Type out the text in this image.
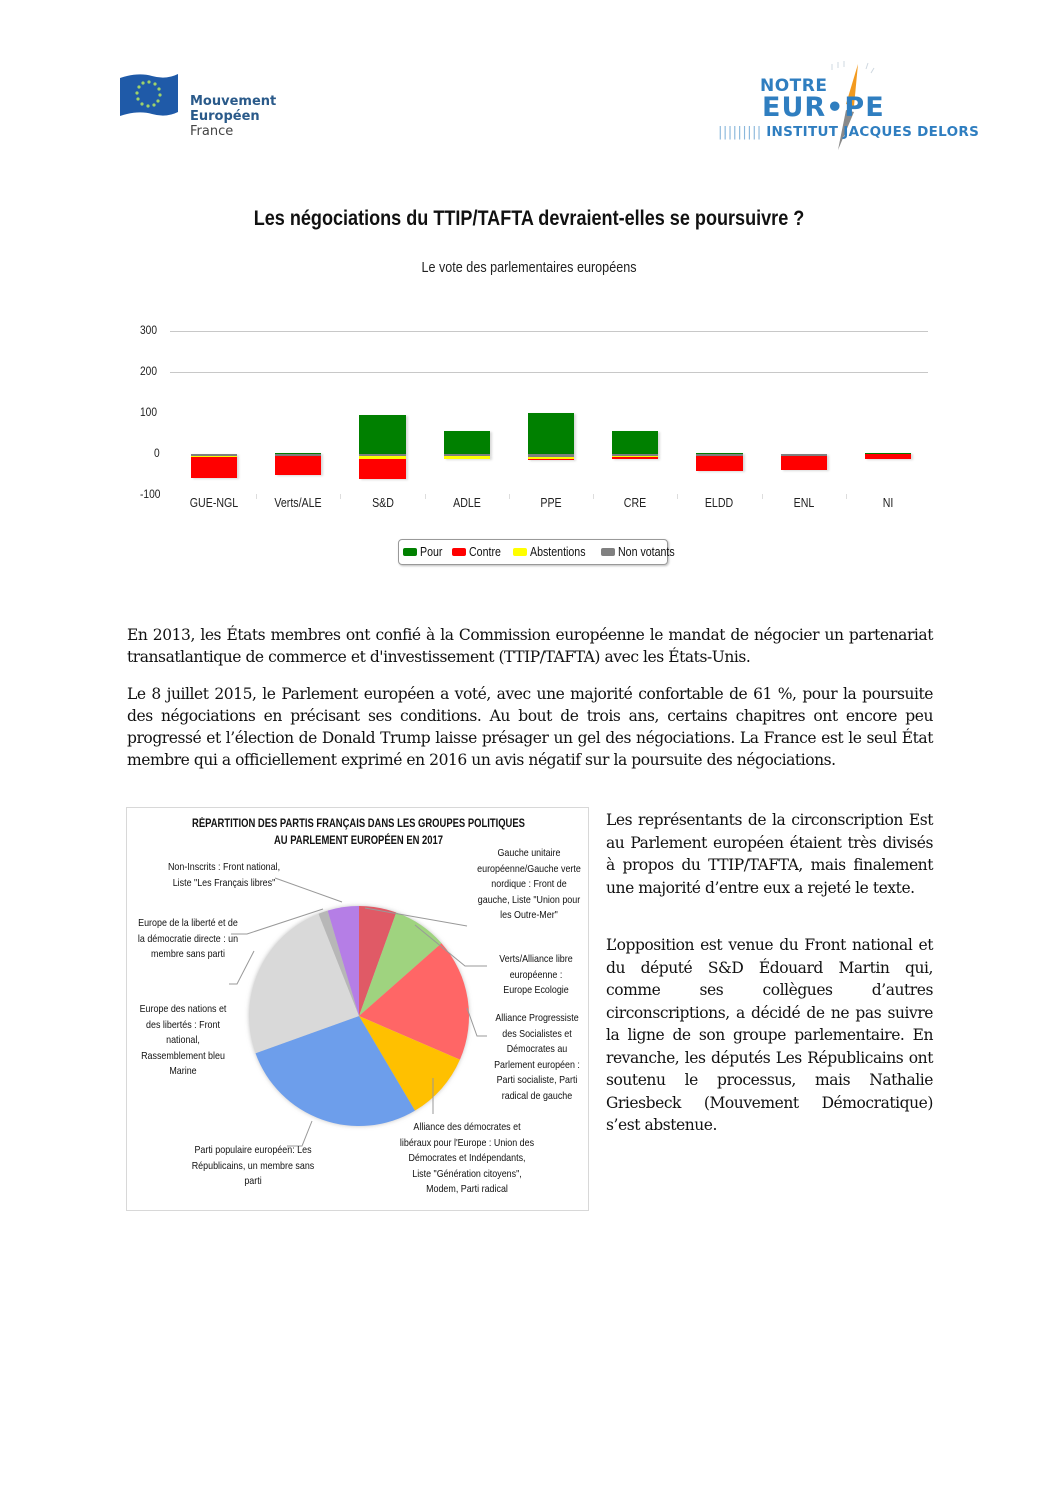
Mouvement
Européen
France
NOTRE
EUR•PE
||||||||| INSTITUT JACQUES DELORS
Les négociations du TTIP/TAFTA devraient-elles se poursuivre ?
Le vote des parlementaires européens
300
200
100
0
-100
GUE-NGL	Verts/ALE	S&D	ADLE	PPE	CRE	ELDD	ENL	NI
Pour Contre Abstentions	Non votants

En 2013, les États membres ont confié à la Commission européenne le mandat de négocier un partenariat transatlantique de commerce et d'investissement (TTIP/TAFTA) avec les États-Unis.

Le 8 juillet 2015, le Parlement européen a voté, avec une majorité confortable de 61 %, pour la poursuite des négociations en précisant ses conditions. Au bout de trois ans, certains chapitres ont encore peu progressé et l’élection de Donald Trump laisse présager un gel des négociations. La France est le seul État membre qui a officiellement exprimé en 2016 un avis négatif sur la poursuite des négociations.

RÉPARTITION DES PARTIS FRANÇAIS DANS LES GROUPES POLITIQUES
AU PARLEMENT EUROPÉEN EN 2017
Non-Inscrits : Front national, Liste "Les Français libres"
Europe de la liberté et de la démocratie directe : un membre sans parti
Europe des nations et des libertés : Front national, Rassemblement bleu Marine
Parti populaire européen: Les Républicains, un membre sans parti
Alliance des démocrates et libéraux pour l'Europe : Union des Démocrates et Indépendants, Liste "Génération citoyens", Modem, Parti radical
Alliance Progressiste des Socialistes et Démocrates au Parlement européen : Parti socialiste, Parti radical de gauche
Verts/Alliance libre européenne : Europe Ecologie
Gauche unitaire européenne/Gauche verte nordique : Front de gauche, Liste "Union pour les Outre-Mer"

Les représentants de la circonscription Est au Parlement européen étaient très divisés à propos du TTIP/TAFTA, mais finalement une majorité d’entre eux a rejeté le texte.

L’opposition est venue du Front national et du député S&D Édouard Martin qui, comme ses collègues d’autres circonscriptions, a décidé de ne pas suivre la ligne de son groupe parlementaire. En revanche, les députés Les Républicains ont soutenu le processus, mais Nathalie Griesbeck (Mouvement Démocratique) s’est abstenue.
